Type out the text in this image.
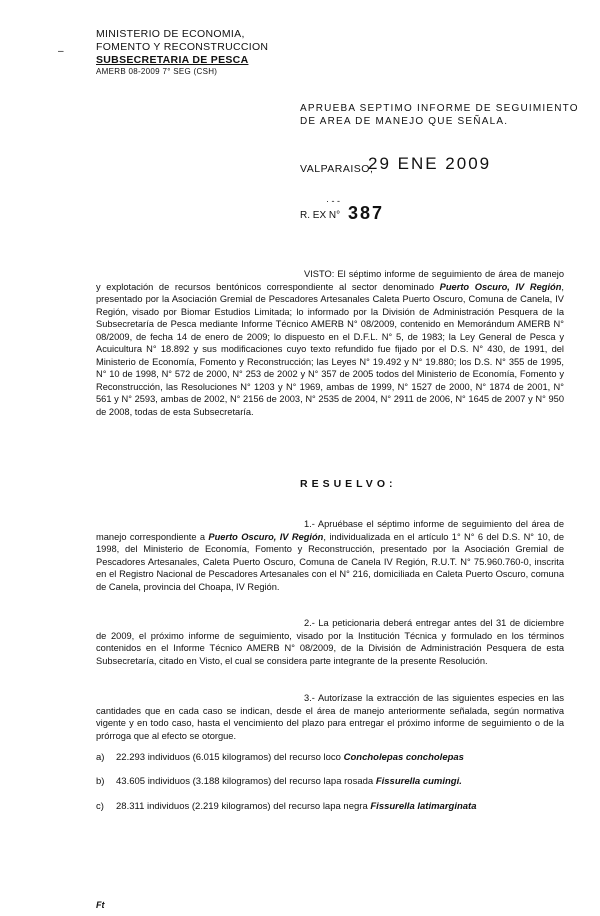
MINISTERIO DE ECONOMIA,
FOMENTO Y RECONSTRUCCION
SUBSECRETARIA DE PESCA
AMERB 08-2009 7° SEG (CSH)
–
APRUEBA SEPTIMO INFORME DE SEGUIMIENTO
DE AREA DE MANEJO QUE SEÑALA.
VALPARAISO,
29 ENE 2009
· - -
R. EX N° 387
VISTO: El séptimo informe de seguimiento de área de manejo y explotación de recursos bentónicos correspondiente al sector denominado Puerto Oscuro, IV Región, presentado por la Asociación Gremial de Pescadores Artesanales Caleta Puerto Oscuro, Comuna de Canela, IV Región, visado por Biomar Estudios Limitada; lo informado por la División de Administración Pesquera de la Subsecretaría de Pesca mediante Informe Técnico AMERB N° 08/2009, contenido en Memorándum AMERB N° 08/2009, de fecha 14 de enero de 2009; lo dispuesto en el D.F.L. N° 5, de 1983; la Ley General de Pesca y Acuicultura N° 18.892 y sus modificaciones cuyo texto refundido fue fijado por el D.S. N° 430, de 1991, del Ministerio de Economía, Fomento y Reconstrucción; las Leyes N° 19.492 y N° 19.880; los D.S. N° 355 de 1995, N° 10 de 1998, N° 572 de 2000, N° 253 de 2002 y N° 357 de 2005 todos del Ministerio de Economía, Fomento y Reconstrucción, las Resoluciones N° 1203 y N° 1969, ambas de 1999, N° 1527 de 2000, N° 1874 de 2001, N° 561 y N° 2593, ambas de 2002, N° 2156 de 2003, N° 2535 de 2004, N° 2911 de 2006, N° 1645 de 2007 y N° 950 de 2008, todas de esta Subsecretaría.
RESUELVO:
1.- Apruébase el séptimo informe de seguimiento del área de manejo correspondiente a Puerto Oscuro, IV Región, individualizada en el artículo 1° N° 6 del D.S. N° 10, de 1998, del Ministerio de Economía, Fomento y Reconstrucción, presentado por la Asociación Gremial de Pescadores Artesanales, Caleta Puerto Oscuro, Comuna de Canela IV Región, R.U.T. N° 75.960.760-0, inscrita en el Registro Nacional de Pescadores Artesanales con el N° 216, domiciliada en Caleta Puerto Oscuro, comuna de Canela, provincia del Choapa, IV Región.
2.- La peticionaria deberá entregar antes del 31 de diciembre de 2009, el próximo informe de seguimiento, visado por la Institución Técnica y formulado en los términos contenidos en el Informe Técnico AMERB N° 08/2009, de la División de Administración Pesquera de esta Subsecretaría, citado en Visto, el cual se considera parte integrante de la presente Resolución.
3.- Autorízase la extracción de las siguientes especies en las cantidades que en cada caso se indican, desde el área de manejo anteriormente señalada, según normativa vigente y en todo caso, hasta el vencimiento del plazo para entregar el próximo informe de seguimiento o de la prórroga que al efecto se otorgue.
a) 22.293 individuos (6.015 kilogramos) del recurso loco Concholepas concholepas
b) 43.605 individuos (3.188 kilogramos) del recurso lapa rosada Fissurella cumingi.
c) 28.311 individuos (2.219 kilogramos) del recurso lapa negra Fissurella latimarginata
Ft
